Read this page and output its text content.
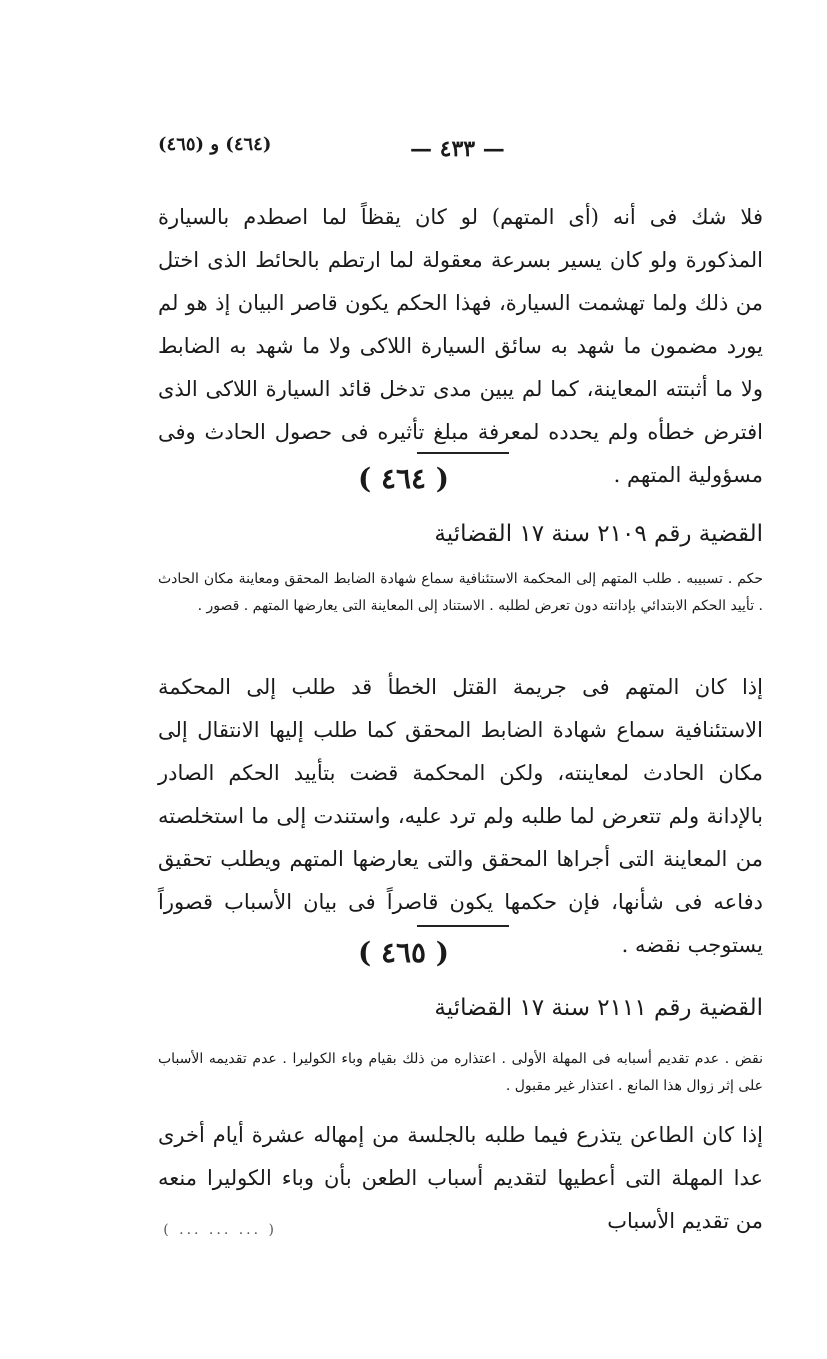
(٤٦٤) و (٤٦٥)	— ٤٣٣ —
فلا شك فى أنه (أى المتهم) لو كان يقظاً لما اصطدم بالسيارة المذكورة ولو كان يسير بسرعة معقولة لما ارتطم بالحائط الذى اختل من ذلك ولما تهشمت السيارة، فهذا الحكم يكون قاصر البيان إذ هو لم يورد مضمون ما شهد به سائق السيارة اللاكى ولا ما شهد به الضابط ولا ما أثبتته المعاينة، كما لم يبين مدى تدخل قائد السيارة اللاكى الذى افترض خطأه ولم يحدده لمعرفة مبلغ تأثيره فى حصول الحادث وفى مسؤولية المتهم .
( ٤٦٤ )
القضية رقم ٢١٠٩ سنة ١٧ القضائية
حكم . تسبيبه . طلب المتهم إلى المحكمة الاستئنافية سماع شهادة الضابط المحقق ومعاينة مكان الحادث . تأييد الحكم الابتدائي بإدانته دون تعرض لطلبه . الاستناد إلى المعاينة التى يعارضها المتهم . قصور .
إذا كان المتهم فى جريمة القتل الخطأ قد طلب إلى المحكمة الاستئنافية سماع شهادة الضابط المحقق كما طلب إليها الانتقال إلى مكان الحادث لمعاينته، ولكن المحكمة قضت بتأييد الحكم الصادر بالإدانة ولم تتعرض لما طلبه ولم ترد عليه، واستندت إلى ما استخلصته من المعاينة التى أجراها المحقق والتى يعارضها المتهم ويطلب تحقيق دفاعه فى شأنها، فإن حكمها يكون قاصراً فى بيان الأسباب قصوراً يستوجب نقضه .
( ٤٦٥ )
القضية رقم ٢١١١ سنة ١٧ القضائية
نقض . عدم تقديم أسبابه فى المهلة الأولى . اعتذاره من ذلك بقيام وباء الكوليرا . عدم تقديمه الأسباب على إثر زوال هذا المانع . اعتذار غير مقبول .
إذا كان الطاعن يتذرع فيما طلبه بالجلسة من إمهاله عشرة أيام أخرى عدا المهلة التى أعطيها لتقديم أسباب الطعن بأن وباء الكوليرا منعه من تقديم الأسباب
( ... ... ... )
